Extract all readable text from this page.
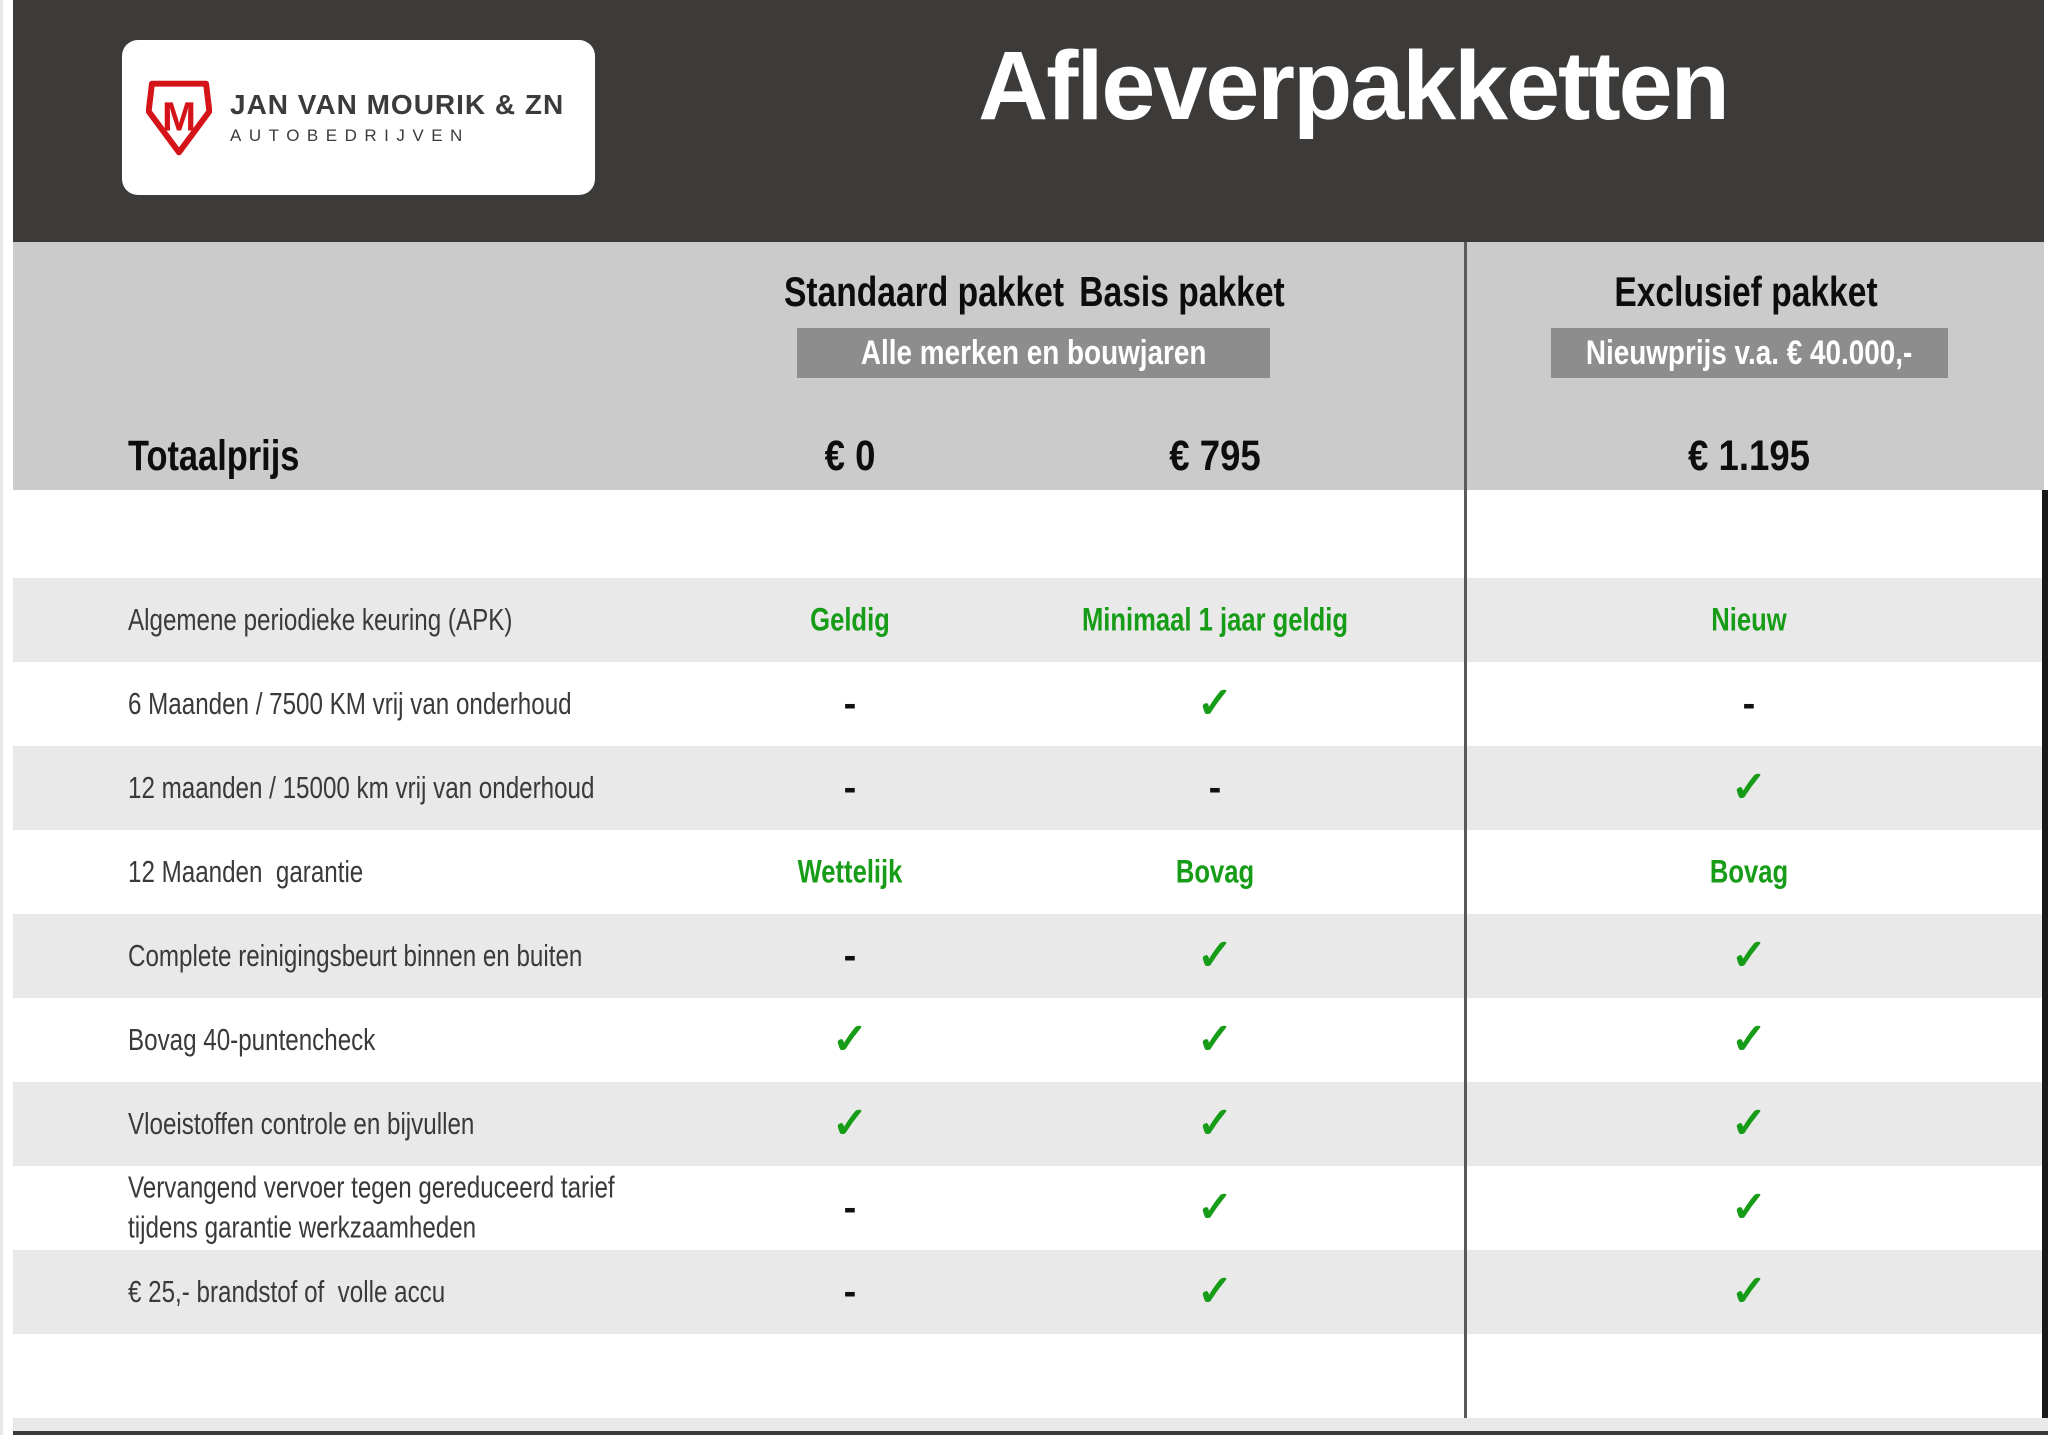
M JAN VAN MOURIK & ZN
AUTOBEDRIJVEN	Afleverpakketten
Standaard pakket Basis pakket	Exclusief pakket
Alle merken en bouwjaren	Nieuwprijs v.a. € 40.000,-
Totaalprijs	€ 0	€ 795	€ 1.195
Algemene periodieke keuring (APK)	Geldig	Minimaal 1 jaar geldig	Nieuw
6 Maanden / 7500 KM vrij van onderhoud	-	✓	-
12 maanden / 15000 km vrij van onderhoud	-	-	✓
12 Maanden  garantie	Wettelijk	Bovag	Bovag
Complete reinigingsbeurt binnen en buiten	-	✓	✓
Bovag 40-puntencheck	✓	✓	✓
Vloeistoffen controle en bijvullen	✓	✓	✓
Vervangend vervoer tegen gereduceerd tarief
tijdens garantie werkzaamheden	-	✓	✓
€ 25,- brandstof of  volle accu	-	✓	✓
